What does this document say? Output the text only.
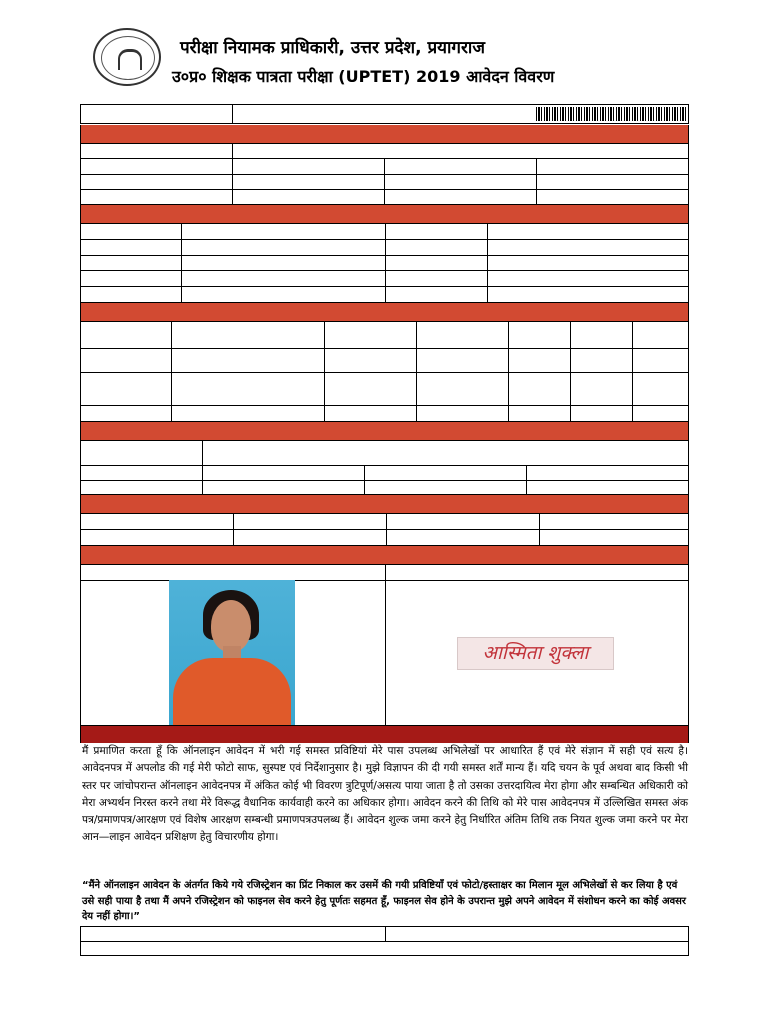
परीक्षा नियामक प्राधिकारी, उत्तर प्रदेश, प्रयागराज
उ०प्र० शिक्षक पात्रता परीक्षा (UPTET) 2019 आवेदन विवरण

आस्मिता शुक्ला
मैं प्रमाणित करता हूँ कि ऑनलाइन आवेदन में भरी गई समस्त प्रविष्टियां मेरे पास उपलब्ध अभिलेखों पर आधारित हैं एवं मेरे संज्ञान में सही एवं सत्य है। आवेदनपत्र में अपलोड की गई मेरी फोटो साफ, सुस्पष्ट एवं निर्देशानुसार है। मुझे विज्ञापन की दी गयी समस्त शर्तें मान्य हैं। यदि चयन के पूर्व अथवा बाद किसी भी स्तर पर जांचोपरान्त ऑनलाइन आवेदनपत्र में अंकित कोई भी विवरण त्रुटिपूर्ण/असत्य पाया जाता है तो उसका उत्तरदायित्व मेरा होगा और सम्बन्धित अधिकारी को मेरा अभ्यर्थन निरस्त करने तथा मेरे विरूद्ध वैधानिक कार्यवाही करने का अधिकार होगा। आवेदन करने की तिथि को मेरे पास आवेदनपत्र में उल्लिखित समस्त अंक पत्र/प्रमाणपत्र/आरक्षण एवं विशेष आरक्षण सम्बन्धी प्रमाणपत्रउपलब्ध हैं। आवेदन शुल्क जमा करने हेतु निर्धारित अंतिम तिथि तक नियत शुल्क जमा करने पर मेरा आन—लाइन आवेदन प्रशिक्षण हेतु विचारणीय होगा।
“मैंने ऑनलाइन आवेदन के अंतर्गत किये गये रजिस्ट्रेशन का प्रिंट निकाल कर उसमें की गयी प्रविष्टियाँ एवं फोटो/हस्ताक्षर का मिलान मूल अभिलेखों से कर लिया है एवं उसे सही पाया है तथा मैं अपने रजिस्ट्रेशन को फाइनल सेव करने हेतु पूर्णतः सहमत हूँ, फाइनल सेव होने के उपरान्त मुझे अपने आवेदन में संशोधन करने का कोई अवसर देय नहीं होगा।”
